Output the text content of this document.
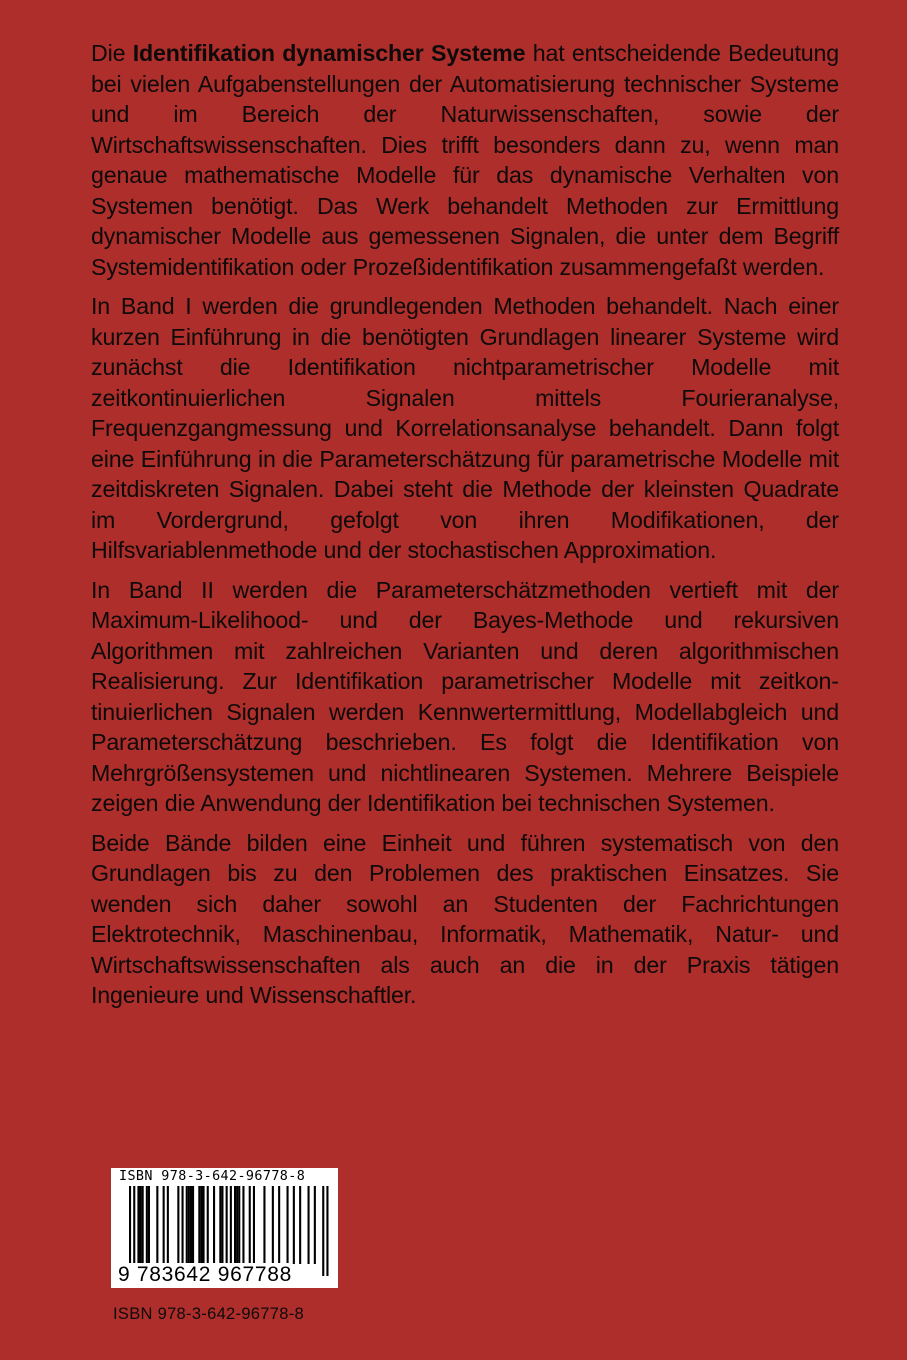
Die Identifikation dynamischer Systeme hat entscheidende Bedeutung bei vielen Aufgabenstellungen der Automatisierung technischer Systeme und im Bereich der Naturwissenschaften, sowie der Wirtschaftswissenschaften. Dies trifft besonders dann zu, wenn man genaue mathematische Modelle für das dynamische Verhalten von Systemen benötigt. Das Werk behandelt Methoden zur Ermittlung dynamischer Modelle aus gemessenen Signalen, die unter dem Begriff Systemidentifikation oder Prozeßidentifikation zusammengefaßt werden.

In Band I werden die grundlegenden Methoden behandelt. Nach einer kurzen Einführung in die benötigten Grundlagen linearer Systeme wird zunächst die Identifikation nichtparametrischer Modelle mit zeitkontinuierlichen Signalen mittels Fourieranalyse, Frequenzgangmessung und Korrelationsanalyse behandelt. Dann folgt eine Einführung in die Parameterschätzung für parametrische Modelle mit zeitdiskreten Signalen. Dabei steht die Methode der kleinsten Quadrate im Vordergrund, gefolgt von ihren Modifikationen, der Hilfsvariablenmethode und der stochastischen Approximation.

In Band II werden die Parameterschätzmethoden vertieft mit der Maximum-Likelihood- und der Bayes-Methode und rekursiven Algorithmen mit zahlreichen Varianten und deren algorithmischen Realisierung. Zur Identifikation parametrischer Modelle mit zeitkontinuierlichen Signalen werden Kennwertermittlung, Modellabgleich und Parameterschätzung beschrieben. Es folgt die Identifikation von Mehrgrößensystemen und nichtlinearen Systemen. Mehrere Beispiele zeigen die Anwendung der Identifikation bei technischen Systemen.

Beide Bände bilden eine Einheit und führen systematisch von den Grundlagen bis zu den Problemen des praktischen Einsatzes. Sie wenden sich daher sowohl an Studenten der Fachrichtungen Elektrotechnik, Maschinenbau, Informatik, Mathematik, Natur- und Wirtschaftswissenschaften als auch an die in der Praxis tätigen Ingenieure und Wissenschaftler.

ISBN 978-3-642-96778-8
9 783642 967788
ISBN 978-3-642-96778-8
